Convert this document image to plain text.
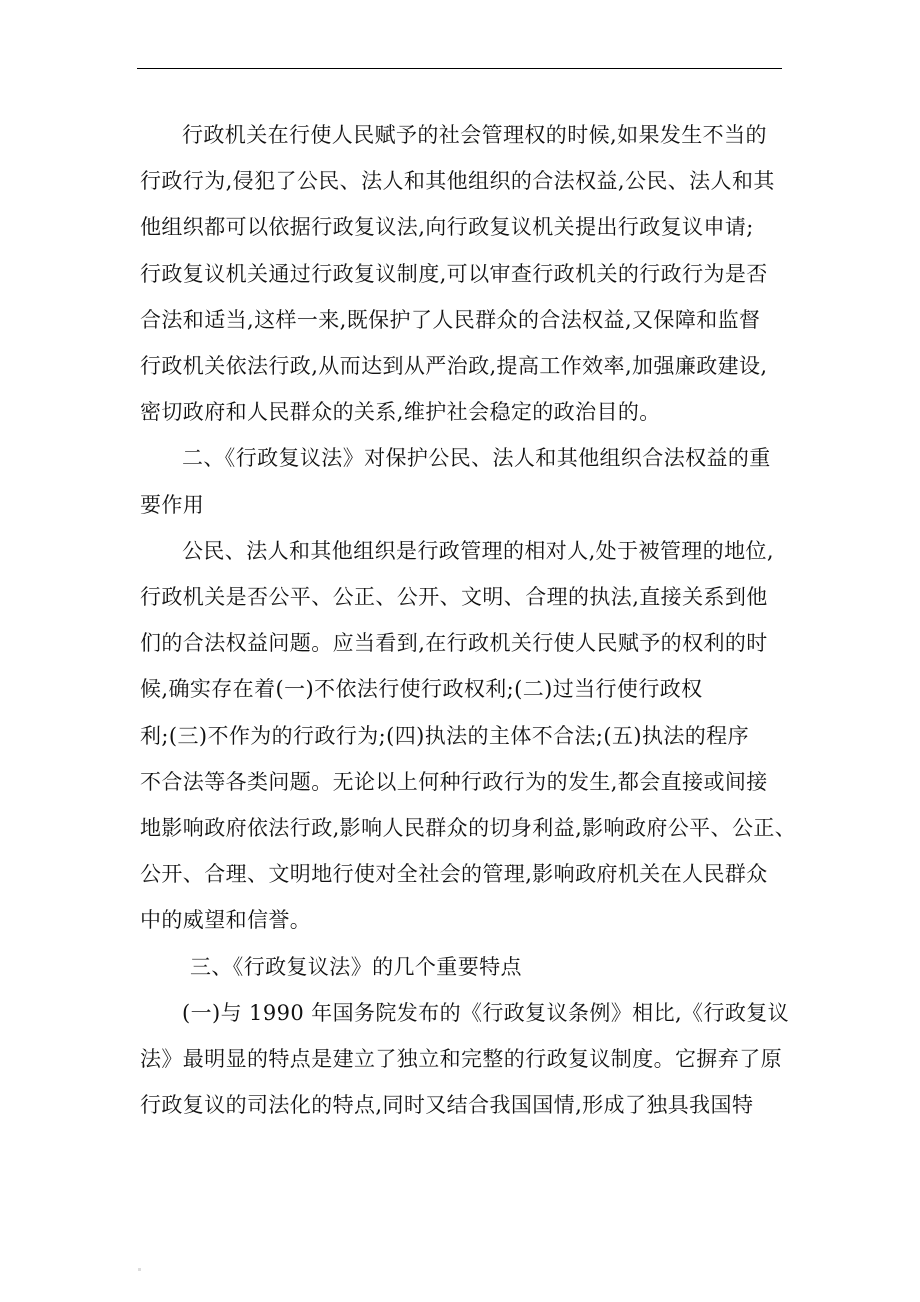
行政机关在行使人民赋予的社会管理权的时候,如果发生不当的
行政行为,侵犯了公民、法人和其他组织的合法权益,公民、法人和其
他组织都可以依据行政复议法,向行政复议机关提出行政复议申请;
行政复议机关通过行政复议制度,可以审查行政机关的行政行为是否
合法和适当,这样一来,既保护了人民群众的合法权益,又保障和监督
行政机关依法行政,从而达到从严治政,提高工作效率,加强廉政建设,
密切政府和人民群众的关系,维护社会稳定的政治目的。

二、《行政复议法》对保护公民、法人和其他组织合法权益的重
要作用

公民、法人和其他组织是行政管理的相对人,处于被管理的地位,
行政机关是否公平、公正、公开、文明、合理的执法,直接关系到他
们的合法权益问题。应当看到,在行政机关行使人民赋予的权利的时
候,确实存在着(一)不依法行使行政权利;(二)过当行使行政权
利;(三)不作为的行政行为;(四)执法的主体不合法;(五)执法的程序
不合法等各类问题。无论以上何种行政行为的发生,都会直接或间接
地影响政府依法行政,影响人民群众的切身利益,影响政府公平、公正、
公开、合理、文明地行使对全社会的管理,影响政府机关在人民群众
中的威望和信誉。

三、《行政复议法》的几个重要特点

(一)与 1990 年国务院发布的《行政复议条例》相比,《行政复议
法》最明显的特点是建立了独立和完整的行政复议制度。它摒弃了原
行政复议的司法化的特点,同时又结合我国国情,形成了独具我国特
